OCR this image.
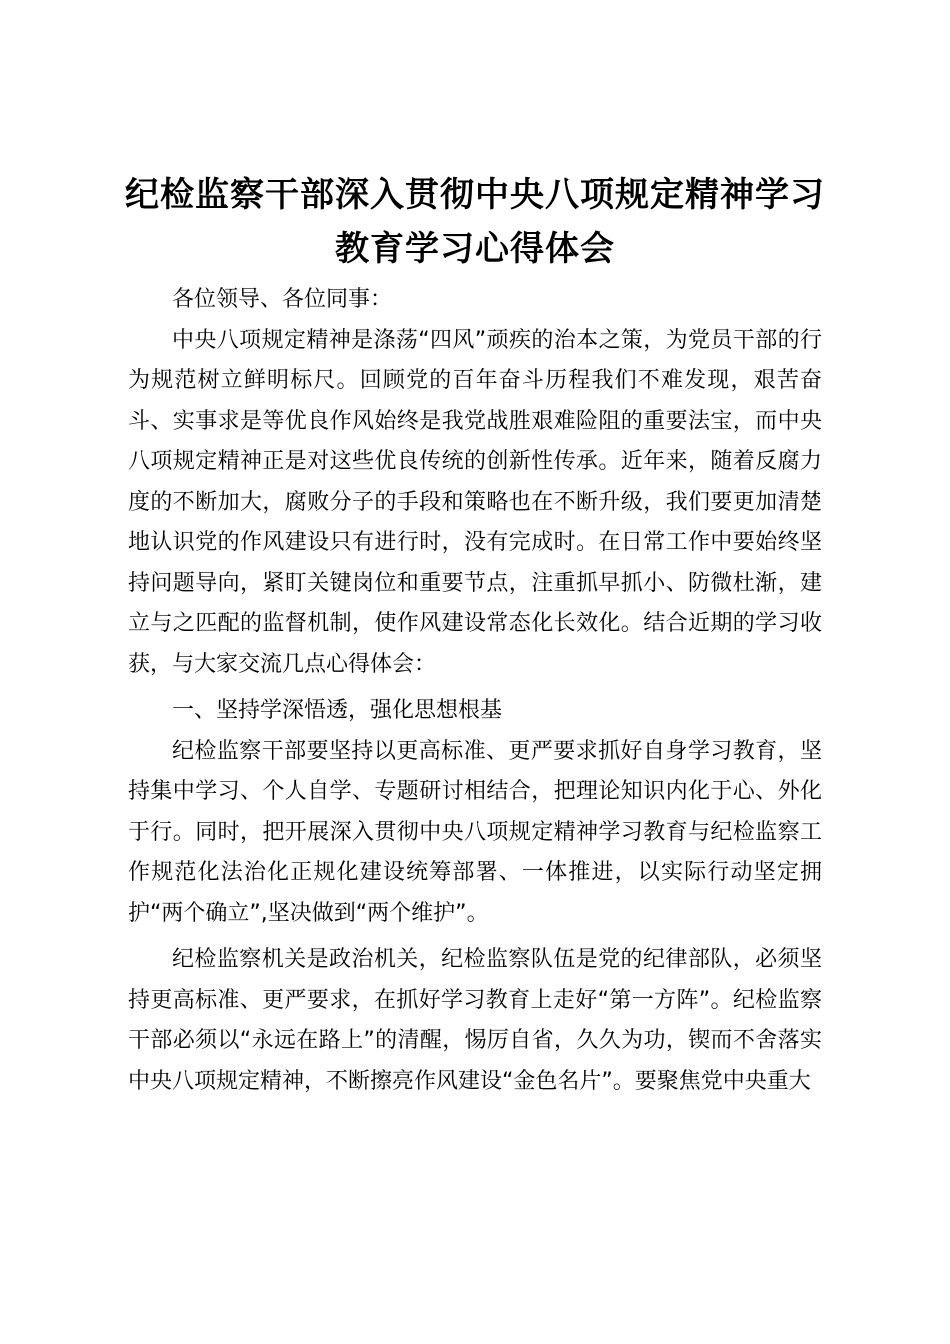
纪检监察干部深入贯彻中央八项规定精神学习教育学习心得体会

各位领导、各位同事：

中央八项规定精神是涤荡“四风”顽疾的治本之策，为党员干部的行为规范树立鲜明标尺。回顾党的百年奋斗历程我们不难发现，艰苦奋斗、实事求是等优良作风始终是我党战胜艰难险阻的重要法宝，而中央八项规定精神正是对这些优良传统的创新性传承。近年来，随着反腐力度的不断加大，腐败分子的手段和策略也在不断升级，我们要更加清楚地认识党的作风建设只有进行时，没有完成时。在日常工作中要始终坚持问题导向，紧盯关键岗位和重要节点，注重抓早抓小、防微杜渐，建立与之匹配的监督机制，使作风建设常态化长效化。结合近期的学习收获，与大家交流几点心得体会：

一、坚持学深悟透，强化思想根基

纪检监察干部要坚持以更高标准、更严要求抓好自身学习教育，坚持集中学习、个人自学、专题研讨相结合，把理论知识内化于心、外化于行。同时，把开展深入贯彻中央八项规定精神学习教育与纪检监察工作规范化法治化正规化建设统筹部署、一体推进，以实际行动坚定拥护“两个确立”,坚决做到“两个维护”。

纪检监察机关是政治机关，纪检监察队伍是党的纪律部队，必须坚持更高标准、更严要求，在抓好学习教育上走好“第一方阵”。纪检监察干部必须以“永远在路上”的清醒，惕厉自省，久久为功，锲而不舍落实中央八项规定精神，不断擦亮作风建设“金色名片”。要聚焦党中央重大
